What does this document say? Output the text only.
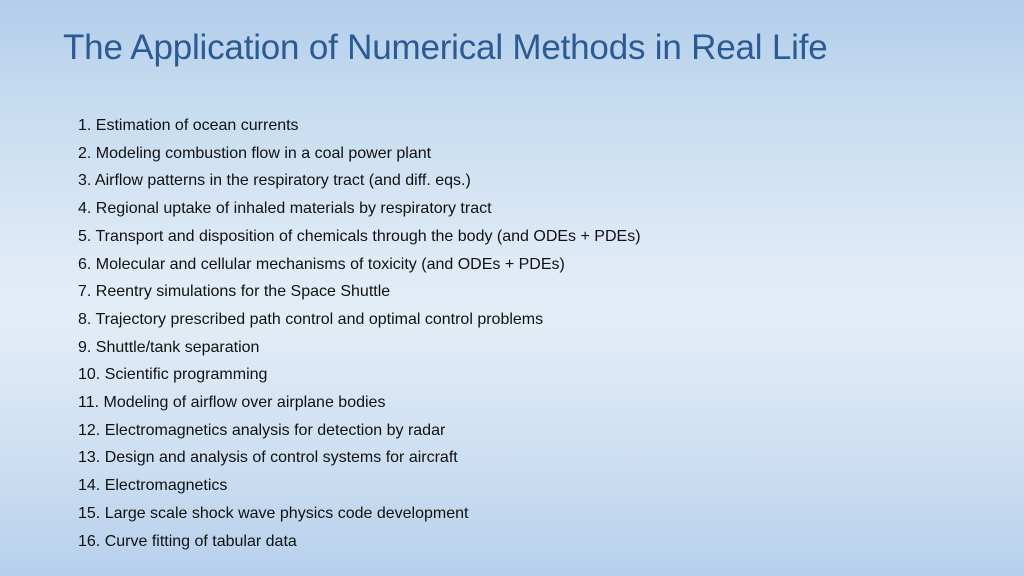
The Application of Numerical Methods in Real Life
1. Estimation of ocean currents
2. Modeling combustion flow in a coal power plant
3. Airflow patterns in the respiratory tract (and diff. eqs.)
4. Regional uptake of inhaled materials by respiratory tract
5. Transport and disposition of chemicals through the body (and ODEs + PDEs)
6. Molecular and cellular mechanisms of toxicity (and ODEs + PDEs)
7. Reentry simulations for the Space Shuttle
8. Trajectory prescribed path control and optimal control problems
9. Shuttle/tank separation
10. Scientific programming
11. Modeling of airflow over airplane bodies
12. Electromagnetics analysis for detection by radar
13. Design and analysis of control systems for aircraft
14. Electromagnetics
15. Large scale shock wave physics code development
16. Curve fitting of tabular data
